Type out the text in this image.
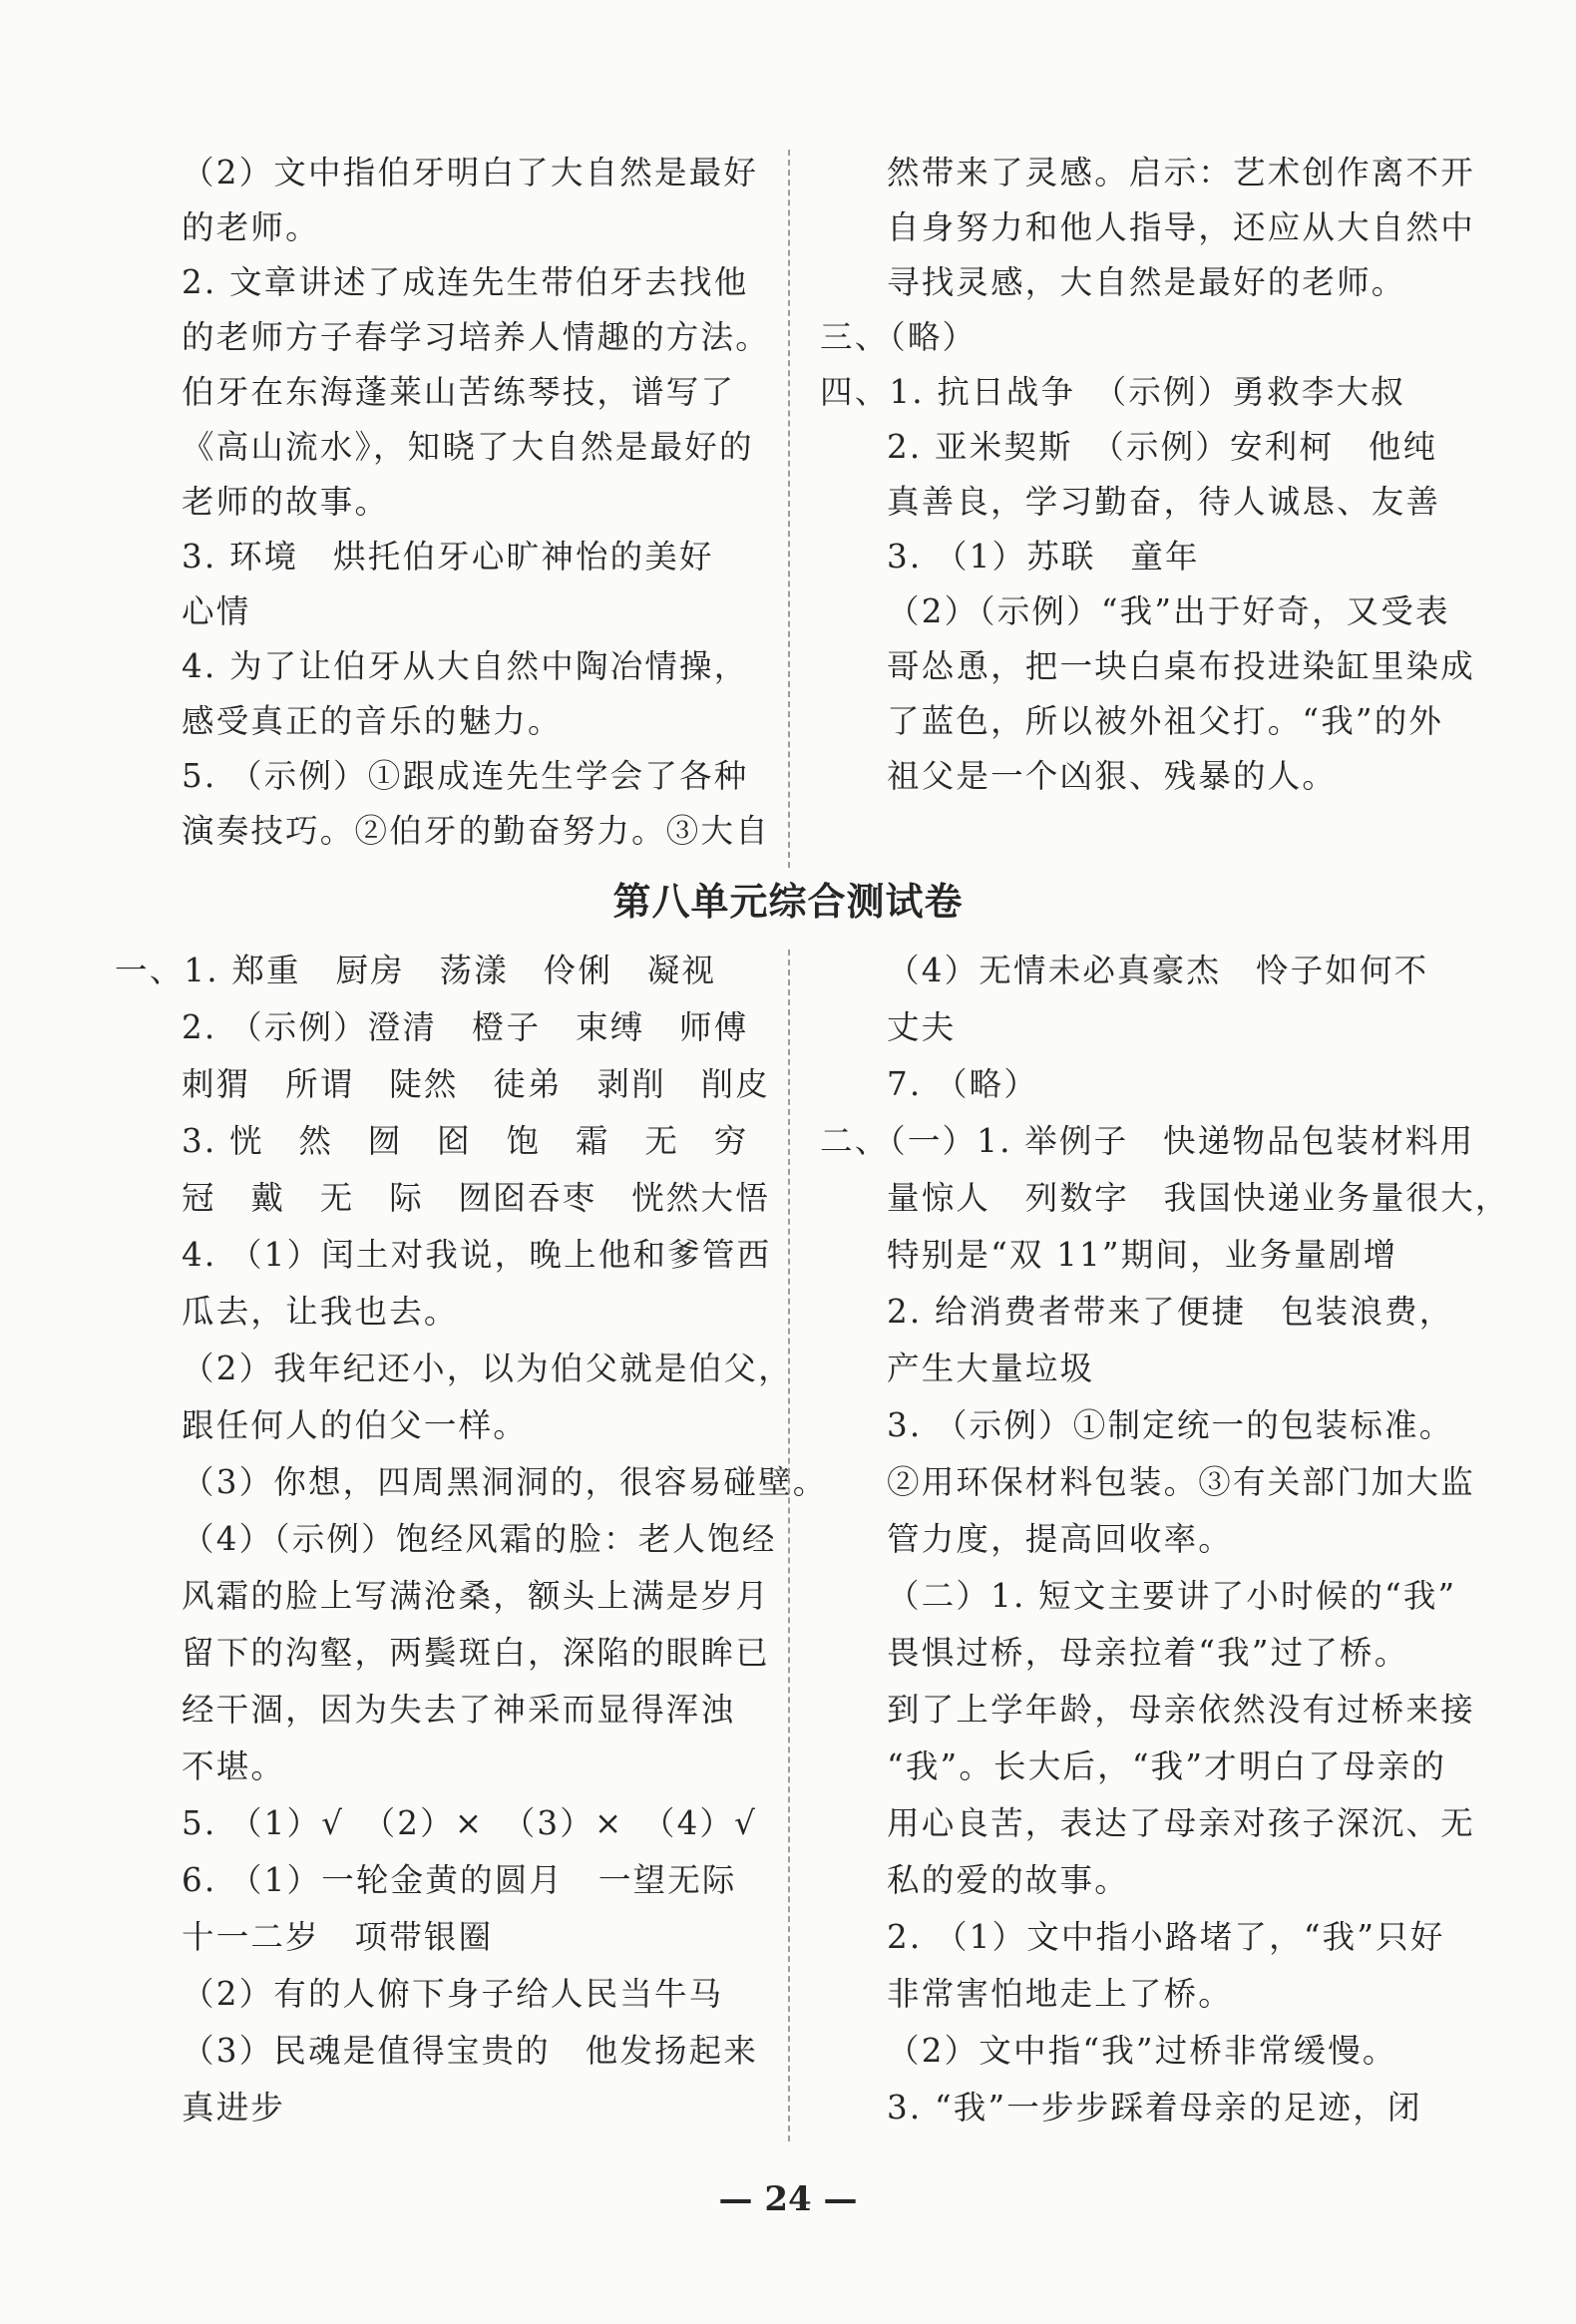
（2）文中指伯牙明白了大自然是最好
的老师。
2. 文章讲述了成连先生带伯牙去找他
的老师方子春学习培养人情趣的方法。
伯牙在东海蓬莱山苦练琴技，谱写了
《高山流水》，知晓了大自然是最好的
老师的故事。
3. 环境　烘托伯牙心旷神怡的美好
心情
4. 为了让伯牙从大自然中陶冶情操，
感受真正的音乐的魅力。
5. （示例）①跟成连先生学会了各种
演奏技巧。②伯牙的勤奋努力。③大自
然带来了灵感。启示：艺术创作离不开
自身努力和他人指导，还应从大自然中
寻找灵感，大自然是最好的老师。
三、（略）
四、1. 抗日战争　（示例）勇救李大叔
2. 亚米契斯　（示例）安利柯　他纯
真善良，学习勤奋，待人诚恳、友善
3. （1）苏联　童年
（2）（示例）“我”出于好奇，又受表
哥怂恿，把一块白桌布投进染缸里染成
了蓝色，所以被外祖父打。“我”的外
祖父是一个凶狠、残暴的人。
第八单元综合测试卷
一、1. 郑重　厨房　荡漾　伶俐　凝视
2. （示例）澄清　橙子　束缚　师傅
刺猬　所谓　陡然　徒弟　剥削　削皮
3. 恍　然　囫　囵　饱　霜　无　穷
冠　戴　无　际　囫囵吞枣　恍然大悟
4. （1）闰土对我说，晚上他和爹管西
瓜去，让我也去。
（2）我年纪还小，以为伯父就是伯父，
跟任何人的伯父一样。
（3）你想，四周黑洞洞的，很容易碰壁。
（4）（示例）饱经风霜的脸：老人饱经
风霜的脸上写满沧桑，额头上满是岁月
留下的沟壑，两鬓斑白，深陷的眼眸已
经干涸，因为失去了神采而显得浑浊
不堪。
5. （1）√　（2）×　（3）×　（4）√
6. （1）一轮金黄的圆月　一望无际
十一二岁　项带银圈
（2）有的人俯下身子给人民当牛马
（3）民魂是值得宝贵的　他发扬起来
真进步
（4）无情未必真豪杰　怜子如何不
丈夫
7. （略）
二、（一）1. 举例子　快递物品包装材料用
量惊人　列数字　我国快递业务量很大，
特别是“双 11”期间，业务量剧增
2. 给消费者带来了便捷　包装浪费，
产生大量垃圾
3. （示例）①制定统一的包装标准。
②用环保材料包装。③有关部门加大监
管力度，提高回收率。
（二）1. 短文主要讲了小时候的“我”
畏惧过桥，母亲拉着“我”过了桥。
到了上学年龄，母亲依然没有过桥来接
“我”。长大后，“我”才明白了母亲的
用心良苦，表达了母亲对孩子深沉、无
私的爱的故事。
2. （1）文中指小路堵了，“我”只好
非常害怕地走上了桥。
（2）文中指“我”过桥非常缓慢。
3. “我”一步步踩着母亲的足迹，闭
— 24 —
